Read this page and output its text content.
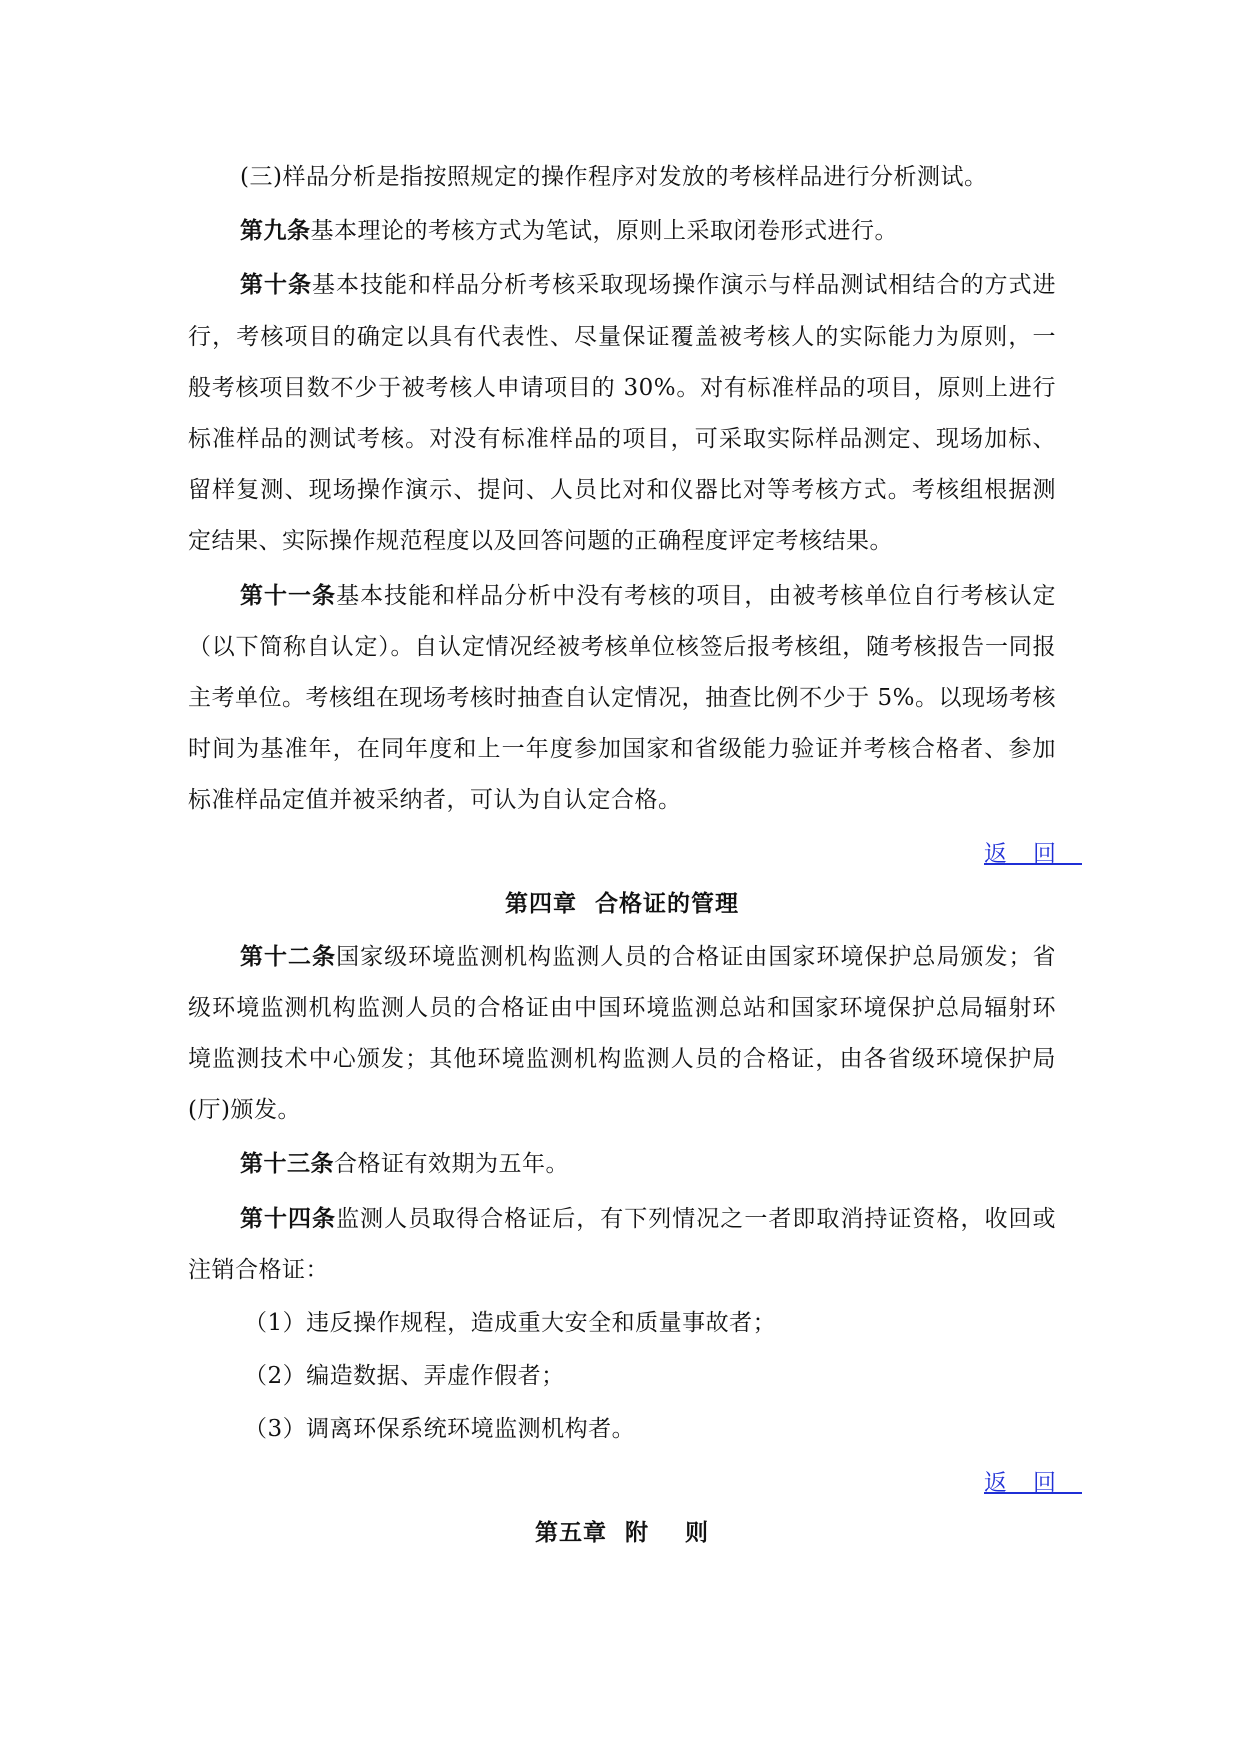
(三)样品分析是指按照规定的操作程序对发放的考核样品进行分析测试。

第九条基本理论的考核方式为笔试，原则上采取闭卷形式进行。

第十条基本技能和样品分析考核采取现场操作演示与样品测试相结合的方式进行，考核项目的确定以具有代表性、尽量保证覆盖被考核人的实际能力为原则，一般考核项目数不少于被考核人申请项目的 30%。对有标准样品的项目，原则上进行标准样品的测试考核。对没有标准样品的项目，可采取实际样品测定、现场加标、留样复测、现场操作演示、提问、人员比对和仪器比对等考核方式。考核组根据测定结果、实际操作规范程度以及回答问题的正确程度评定考核结果。

第十一条基本技能和样品分析中没有考核的项目，由被考核单位自行考核认定（以下简称自认定）。自认定情况经被考核单位核签后报考核组，随考核报告一同报主考单位。考核组在现场考核时抽查自认定情况，抽查比例不少于 5%。以现场考核时间为基准年，在同年度和上一年度参加国家和省级能力验证并考核合格者、参加标准样品定值并被采纳者，可认为自认定合格。

返回
第四章  合格证的管理

第十二条国家级环境监测机构监测人员的合格证由国家环境保护总局颁发；省级环境监测机构监测人员的合格证由中国环境监测总站和国家环境保护总局辐射环境监测技术中心颁发；其他环境监测机构监测人员的合格证，由各省级环境保护局(厅)颁发。

第十三条合格证有效期为五年。

第十四条监测人员取得合格证后，有下列情况之一者即取消持证资格，收回或注销合格证：

（1）违反操作规程，造成重大安全和质量事故者；

（2）编造数据、弄虚作假者；

（3）调离环保系统环境监测机构者。

返回
第五章  附    则
